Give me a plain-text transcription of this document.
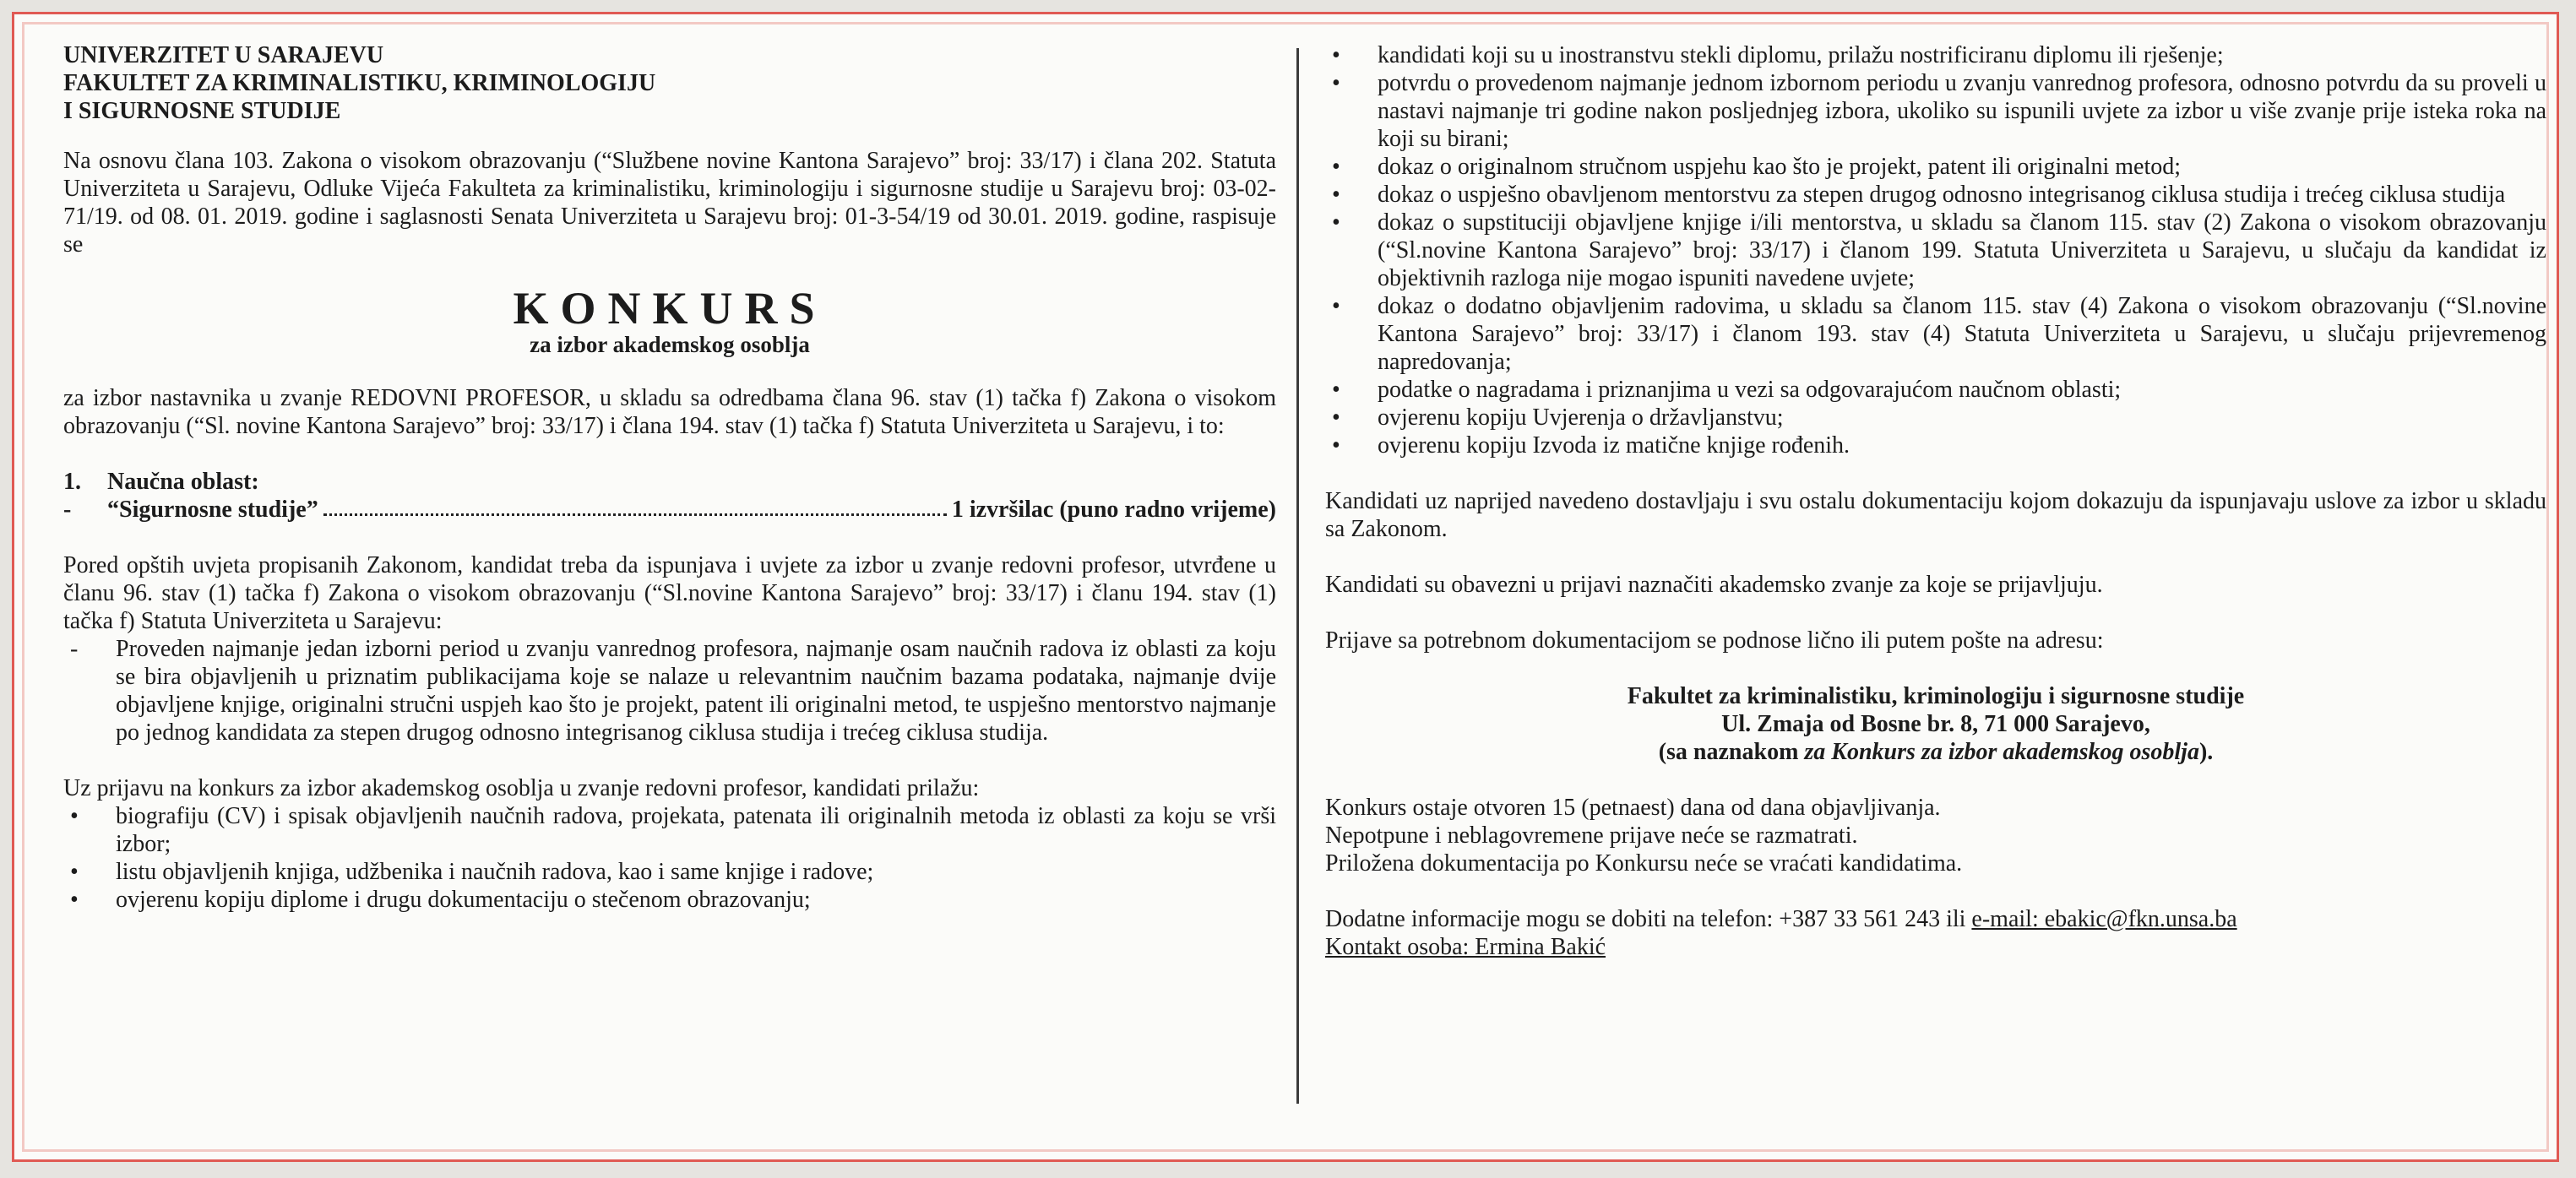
UNIVERZITET U SARAJEVU
FAKULTET ZA KRIMINALISTIKU, KRIMINOLOGIJU
I SIGURNOSNE STUDIJE

Na osnovu člana 103. Zakona o visokom obrazovanju (“Službene novine Kantona Sarajevo” broj: 33/17) i člana 202. Statuta Univerziteta u Sarajevu, Odluke Vijeća Fakulteta za kriminalistiku, kriminologiju i sigurnosne studije u Sarajevu broj: 03-02-71/19. od 08. 01. 2019. godine i saglasnosti Senata Univerziteta u Sarajevu broj: 01-3-54/19 od 30.01. 2019. godine, raspisuje se

KONKURS
za izbor akademskog osoblja

za izbor nastavnika u zvanje REDOVNI PROFESOR, u skladu sa odredbama člana 96. stav (1) tačka f) Zakona o visokom obrazovanju (“Sl. novine Kantona Sarajevo” broj: 33/17) i člana 194. stav (1) tačka f) Statuta Univerziteta u Sarajevu, i to:

1.	Naučna oblast:
-	“Sigurnosne studije”	1 izvršilac (puno radno vrijeme)

Pored opštih uvjeta propisanih Zakonom, kandidat treba da ispunjava i uvjete za izbor u zvanje redovni profesor, utvrđene u članu 96. stav (1) tačka f) Zakona o visokom obrazovanju (“Sl.novine Kantona Sarajevo” broj: 33/17) i članu 194. stav (1) tačka f) Statuta Univerziteta u Sarajevu:

- Proveden najmanje jedan izborni period u zvanju vanrednog profesora, najmanje osam naučnih radova iz oblasti za koju se bira objavljenih u priznatim publikacijama koje se nalaze u relevantnim naučnim bazama podataka, najmanje dvije objavljene knjige, originalni stručni uspjeh kao što je projekt, patent ili originalni metod, te uspješno mentorstvo najmanje po jednog kandidata za stepen drugog odnosno integrisanog ciklusa studija i trećeg ciklusa studija.

Uz prijavu na konkurs za izbor akademskog osoblja u zvanje redovni profesor, kandidati prilažu:

• biografiju (CV) i spisak objavljenih naučnih radova, projekata, patenata ili originalnih metoda iz oblasti za koju se vrši izbor;
• listu objavljenih knjiga, udžbenika i naučnih radova, kao i same knjige i radove;
• ovjerenu kopiju diplome i drugu dokumentaciju o stečenom obrazovanju;
• kandidati koji su u inostranstvu stekli diplomu, prilažu nostrificiranu diplomu ili rješenje;
• potvrdu o provedenom najmanje jednom izbornom periodu u zvanju vanrednog profesora, odnosno potvrdu da su proveli u nastavi najmanje tri godine nakon posljednjeg izbora, ukoliko su ispunili uvjete za izbor u više zvanje prije isteka roka na koji su birani;
• dokaz o originalnom stručnom uspjehu kao što je projekt, patent ili originalni metod;
• dokaz o uspješno obavljenom mentorstvu za stepen drugog odnosno integrisanog ciklusa studija i trećeg ciklusa studija
• dokaz o supstituciji objavljene knjige i/ili mentorstva, u skladu sa članom 115. stav (2) Zakona o visokom obrazovanju (“Sl.novine Kantona Sarajevo” broj: 33/17) i članom 199. Statuta Univerziteta u Sarajevu, u slučaju da kandidat iz objektivnih razloga nije mogao ispuniti navedene uvjete;
• dokaz o dodatno objavljenim radovima, u skladu sa članom 115. stav (4) Zakona o visokom obrazovanju (“Sl.novine Kantona Sarajevo” broj: 33/17) i članom 193. stav (4) Statuta Univerziteta u Sarajevu, u slučaju prijevremenog napredovanja;
• podatke o nagradama i priznanjima u vezi sa odgovarajućom naučnom oblasti;
• ovjerenu kopiju Uvjerenja o državljanstvu;
• ovjerenu kopiju Izvoda iz matične knjige rođenih.

Kandidati uz naprijed navedeno dostavljaju i svu ostalu dokumentaciju kojom dokazuju da ispunjavaju uslove za izbor u skladu sa Zakonom.

Kandidati su obavezni u prijavi naznačiti akademsko zvanje za koje se prijavljuju.

Prijave sa potrebnom dokumentacijom se podnose lično ili putem pošte na adresu:

Fakultet za kriminalistiku, kriminologiju i sigurnosne studije
Ul. Zmaja od Bosne br. 8, 71 000 Sarajevo,
(sa naznakom za Konkurs za izbor akademskog osoblja).

Konkurs ostaje otvoren 15 (petnaest) dana od dana objavljivanja.

Nepotpune i neblagovremene prijave neće se razmatrati.

Priložena dokumentacija po Konkursu neće se vraćati kandidatima.

Dodatne informacije mogu se dobiti na telefon: +387 33 561 243 ili e-mail: ebakic@fkn.unsa.ba

Kontakt osoba: Ermina Bakić
